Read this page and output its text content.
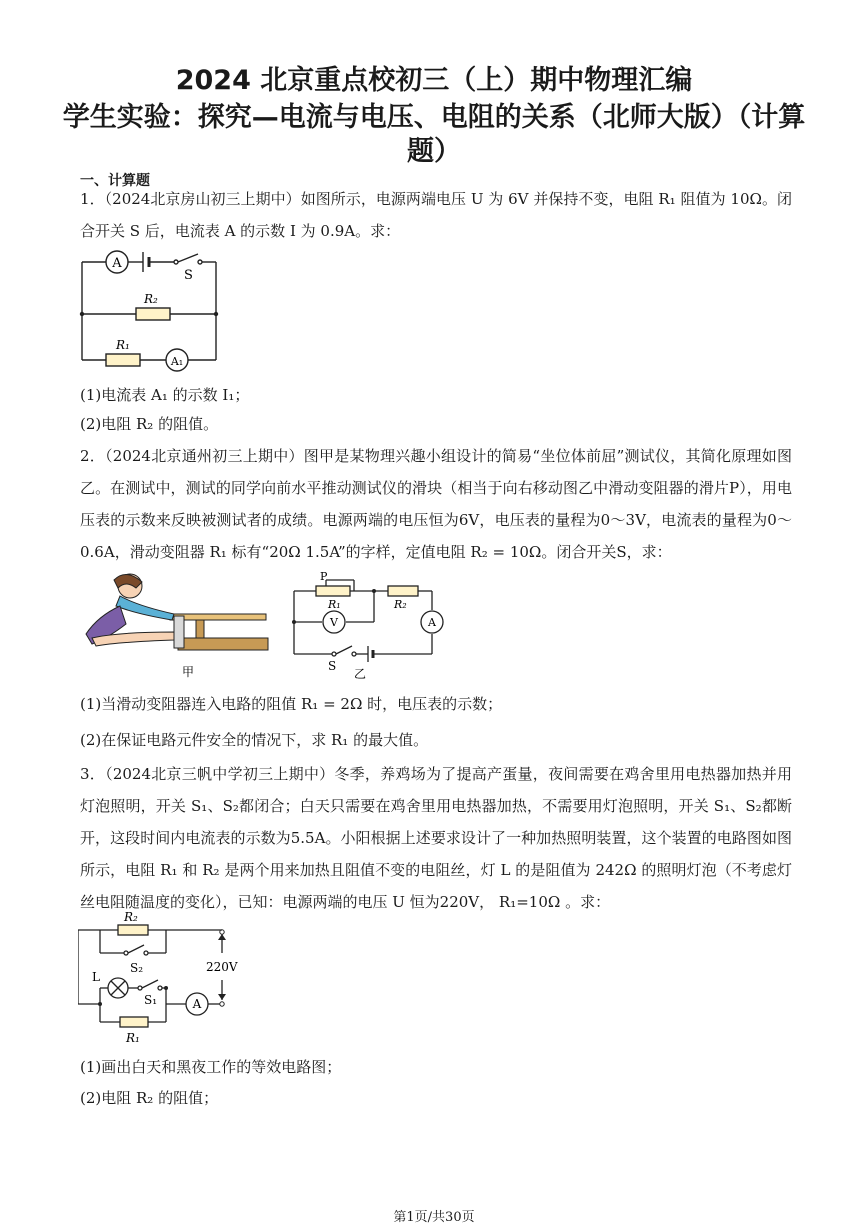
2024 北京重点校初三（上）期中物理汇编
学生实验：探究—电流与电压、电阻的关系（北师大版）（计算题）
一、计算题
1．（2024北京房山初三上期中）如图所示，电源两端电压 U 为 6V 并保持不变，电阻 R₁ 阻值为 10Ω。闭合开关 S 后，电流表 A 的示数 I 为 0.9A。求：
A
S
R₂
R₁
A₁
(1)电流表 A₁ 的示数 I₁；
(2)电阻 R₂ 的阻值。
2．（2024北京通州初三上期中）图甲是某物理兴趣小组设计的简易“坐位体前屈”测试仪，其简化原理如图乙。在测试中，测试的同学向前水平推动测试仪的滑块（相当于向右移动图乙中滑动变阻器的滑片P），用电压表的示数来反映被测试者的成绩。电源两端的电压恒为6V，电压表的量程为0～3V，电流表的量程为0～0.6A，滑动变阻器 R₁ 标有“20Ω 1.5A”的字样，定值电阻 R₂ = 10Ω。闭合开关S，求：
甲
P
R₁	R₂
V	A
S
乙
(1)当滑动变阻器连入电路的阻值 R₁ = 2Ω 时，电压表的示数；
(2)在保证电路元件安全的情况下，求 R₁ 的最大值。
3．（2024北京三帆中学初三上期中）冬季，养鸡场为了提高产蛋量，夜间需要在鸡舍里用电热器加热并用灯泡照明，开关 S₁、S₂都闭合；白天只需要在鸡舍里用电热器加热，不需要用灯泡照明，开关 S₁、S₂都断开，这段时间内电流表的示数为5.5A。小阳根据上述要求设计了一种加热照明装置，这个装置的电路图如图所示，电阻 R₁ 和 R₂ 是两个用来加热且阻值不变的电阻丝，灯 L 的是阻值为 242Ω 的照明灯泡（不考虑灯丝电阻随温度的变化），已知：电源两端的电压 U 恒为220V， R₁=10Ω 。求：
R₂
S₂
L
S₁	A
R₁
220V
(1)画出白天和黑夜工作的等效电路图；
(2)电阻 R₂ 的阻值；
第1页/共30页
